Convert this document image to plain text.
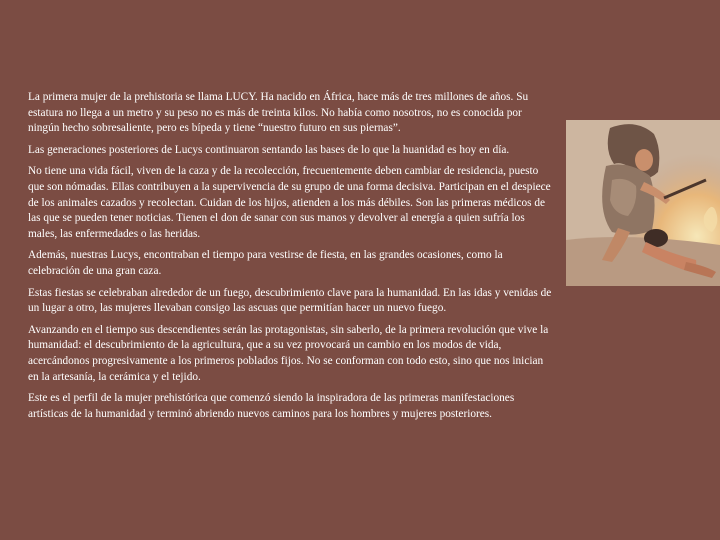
La primera mujer de la prehistoria se llama LUCY. Ha nacido en África, hace más de tres millones de años. Su estatura no llega a un metro y su peso no es más de treinta kilos. No había como nosotros, no es conocida por ningún hecho sobresaliente, pero es bípeda y tiene “nuestro futuro en sus piernas”.

Las generaciones posteriores de Lucys continuaron sentando las bases de lo que la huanidad es hoy en día.

No tiene una vida fácil, viven de la caza y de la recolección, frecuentemente deben cambiar de residencia, puesto que son nómadas. Ellas contribuyen a la supervivencia de su grupo de una forma decisiva. Participan en el despiece de los animales cazados y recolectan. Cuidan de los hijos, atienden a los más débiles. Son las primeras médicos de las que se pueden tener noticias. Tienen el don de sanar con sus manos y devolver al energía a quien sufría los males, las enfermedades o las heridas.

Además, nuestras Lucys, encontraban el tiempo para vestirse de fiesta, en las grandes ocasiones, como la celebración de una gran caza.

Estas fiestas se celebraban alrededor de un fuego, descubrimiento clave para la humanidad. En las idas y venidas de un lugar a otro, las mujeres llevaban consigo las ascuas que permitían hacer un nuevo fuego.

Avanzando en el tiempo sus descendientes serán las protagonistas, sin saberlo, de la primera revolución que vive la humanidad: el descubrimiento de la agricultura, que a su vez provocará un cambio en los modos de vida, acercándonos progresivamente a los primeros poblados fijos. No se conforman con todo esto, sino que nos inician en la artesanía, la cerámica y el tejido.

Este es el perfil de la mujer prehistórica que comenzó siendo la inspiradora de las primeras manifestaciones artísticas de la humanidad y terminó abriendo nuevos caminos para los hombres y mujeres posteriores.
